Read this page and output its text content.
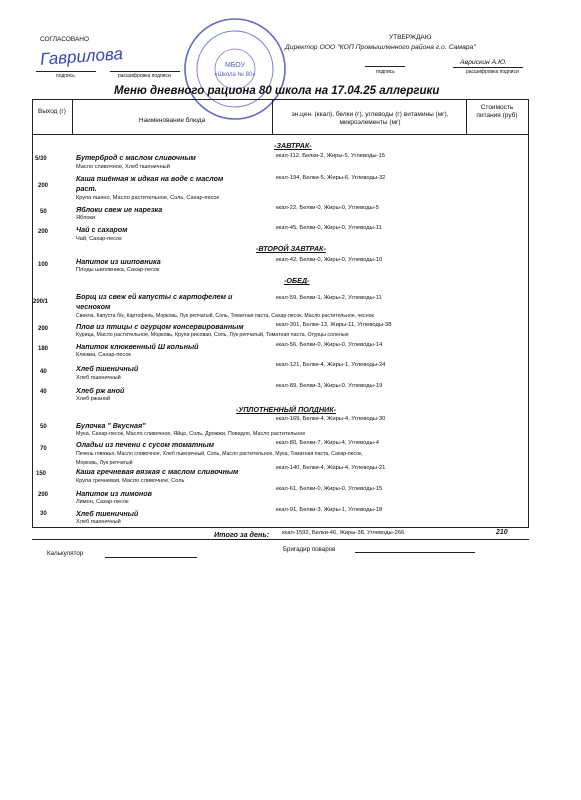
СОГЛАСОВАНО
Гаврилова
подпись	расшифровка подписи
УТВЕРЖДАЮ
Директор ООО "КОП Промышленного района г.о. Самара"
Аврискин А.Ю.
подпись	расшифровка подписи
МБОУ
«Школа № 80»
Меню дневного рациона 80 школа на 17.04.25 аллергики
Выход (г)
Наименование блюда
эн.цен. (ккал), белки (г), углеводы (г) витамины (мг), микроэлементы (мг)
Стоимость питания (руб)
-ЗАВТРАК-
-ВТОРОЙ ЗАВТРАК-
-ОБЕД-
-УПЛОТНЕННЫЙ ПОЛДНИК-
5/30	Бутерброд с маслом сливочным
Масло сливочное, Хлеб пшеничный
ккал-112, Белки-2, Жиры-5, Углеводы-15
200
Каша пшённая ж идкая на воде с маслом
раст.
Крупа пшено, Масло растительное, Соль, Сахар-песок
ккал-194, Белки-5, Жиры-6, Углеводы-32
50	Яблоки свеж ие нарезка
Яблоки
ккал-22, Белки-0, Жиры-0, Углеводы-5
200	Чай с сахаром
Чай, Сахар-песок
ккал-45, Белки-0, Жиры-0, Углеводы-11
100	Напиток из шиповника
Плоды шиповника, Сахар-песок
ккал-42, Белки-0, Жиры-0, Углеводы-10
200/1
Борщ из свеж ей капусты с картофелем и
чесноком
Свекла, Капуста б/к, Картофель, Морковь, Лук репчатый, Соль, Томатная паста, Сахар-песок, Масло растительное, чеснок
ккал-59, Белки-1, Жиры-2, Углеводы-11
200	Плов из птицы с огурцом консервированным
Курица, Масло растительное, Морковь, Крупа рисовая, Соль, Лук репчатый, Томатная паста, Огурцы соленые
ккал-301, Белки-13, Жиры-11, Углеводы-38
180	Напиток клюквенный Ш кольный
Клюква, Сахар-песок
ккал-56, Белки-0, Жиры-0, Углеводы-14
40	Хлеб пшеничный
Хлеб пшеничный
ккал-121, Белки-4, Жиры-1, Углеводы-24
40	Хлеб рж аной
Хлеб ржаной
ккал-89, Белки-3, Жиры-0, Углеводы-19
50	Булочка " Вкусная"
Мука, Сахар-песок, Масло сливочное, Яйцо, Соль, Дрожжи, Повидло, Масло растительное
ккал-169, Белки-4, Жиры-4, Углеводы-30
70	Оладьи из печени с сусом томатным
Печень говяжья, Масло сливочное, Хлеб пшеничный, Соль, Масло растительное, Мука, Томатная паста, Сахар-песок,
Морковь, Лук репчатый
ккал-80, Белки-7, Жиры-4, Углеводы-4
150	Каша гречневая вязкая с маслом сливочным
Крупа гречневая, Масло сливочное, Соль
ккал-140, Белки-4, Жиры-4, Углеводы-21
200	Напиток из лимонов
Лимон, Сахар-песок
ккал-61, Белки-0, Жиры-0, Углеводы-15
30	Хлеб пшеничный
Хлеб пшеничный
ккал-91, Белки-3, Жиры-1, Углеводы-18
Итого за день: ккал-1592, Белки-46, Жиры-38, Углеводы-266	210
Калькулятор
Бригадир поваров
